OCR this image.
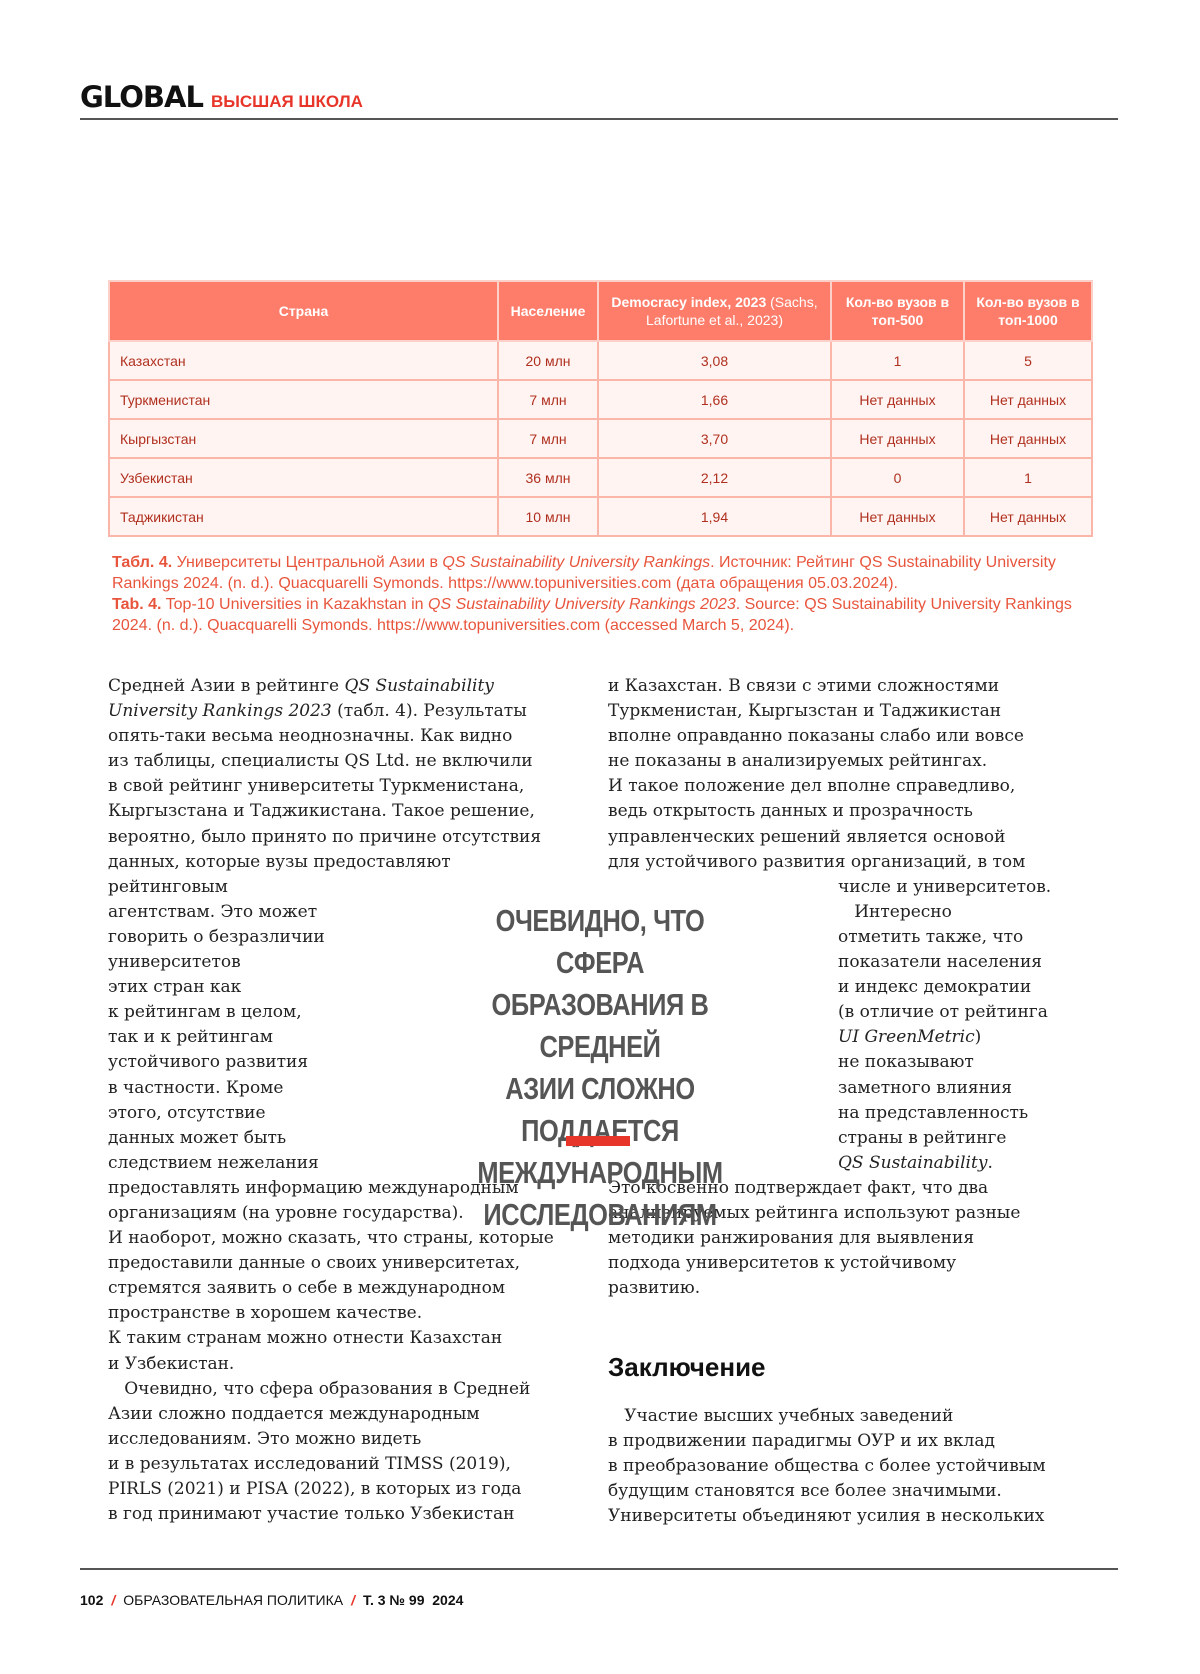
GLOBAL ВЫСШАЯ ШКОЛА
Страна	Население	Democracy index, 2023 (Sachs, Lafortune et al., 2023)	Кол-во вузов в топ-500	Кол-во вузов в топ-1000
Казахстан	20 млн	3,08	1	5
Туркменистан	7 млн	1,66	Нет данных	Нет данных
Кыргызстан	7 млн	3,70	Нет данных	Нет данных
Узбекистан	36 млн	2,12	0	1
Таджикистан	10 млн	1,94	Нет данных	Нет данных
Табл. 4. Университеты Центральной Азии в QS Sustainability University Rankings. Источник: Рейтинг QS Sustainability University Rankings 2024. (n. d.). Quacquarelli Symonds. https://www.topuniversities.com (дата обращения 05.03.2024).
Tab. 4. Top-10 Universities in Kazakhstan in QS Sustainability University Rankings 2023. Source: QS Sustainability University Rankings 2024. (n. d.). Quacquarelli Symonds. https://www.topuniversities.com (accessed March 5, 2024).
Средней Азии в рейтинге QS Sustainability
University Rankings 2023 (табл. 4). Результаты
опять-таки весьма неоднозначны. Как видно
из таблицы, специалисты QS Ltd. не включили
в свой рейтинг университеты Туркменистана,
Кыргызстана и Таджикистана. Такое решение,
вероятно, было принято по причине отсутствия
данных, которые вузы предоставляют
рейтинговым
агентствам. Это может
говорить о безразличии
университетов
этих стран как
к рейтингам в целом,
так и к рейтингам
устойчивого развития
в частности. Кроме
этого, отсутствие
данных может быть
следствием нежелания
предоставлять информацию международным
организациям (на уровне государства).
И наоборот, можно сказать, что страны, которые
предоставили данные о своих университетах,
стремятся заявить о себе в международном
пространстве в хорошем качестве.
К таким странам можно отнести Казахстан
и Узбекистан.
Очевидно, что сфера образования в Средней
Азии сложно поддается международным
исследованиям. Это можно видеть
и в результатах исследований TIMSS (2019),
PIRLS (2021) и PISA (2022), в которых из года
в год принимают участие только Узбекистан
и Казахстан. В связи с этими сложностями
Туркменистан, Кыргызстан и Таджикистан
вполне оправданно показаны слабо или вовсе
не показаны в анализируемых рейтингах.
И такое положение дел вполне справедливо,
ведь открытость данных и прозрачность
управленческих решений является основой
для устойчивого развития организаций, в том
числе и университетов.
Интересно
отметить также, что
показатели населения
и индекс демократии
(в отличие от рейтинга
UI GreenMetric)
не показывают
заметного влияния
на представленность
страны в рейтинге
QS Sustainability.
Это косвенно подтверждает факт, что два
анализируемых рейтинга используют разные
методики ранжирования для выявления
подхода университетов к устойчивому
развитию.
Заключение
Участие высших учебных заведений
в продвижении парадигмы ОУР и их вклад
в преобразование общества с более устойчивым
будущим становятся все более значимыми.
Университеты объединяют усилия в нескольких
ОЧЕВИДНО, ЧТО СФЕРА
ОБРАЗОВАНИЯ В СРЕДНЕЙ
АЗИИ СЛОЖНО ПОДДАЕТСЯ
МЕЖДУНАРОДНЫМ
ИССЛЕДОВАНИЯМ
102 / ОБРАЗОВАТЕЛЬНАЯ ПОЛИТИКА / Т. 3 № 99  2024
